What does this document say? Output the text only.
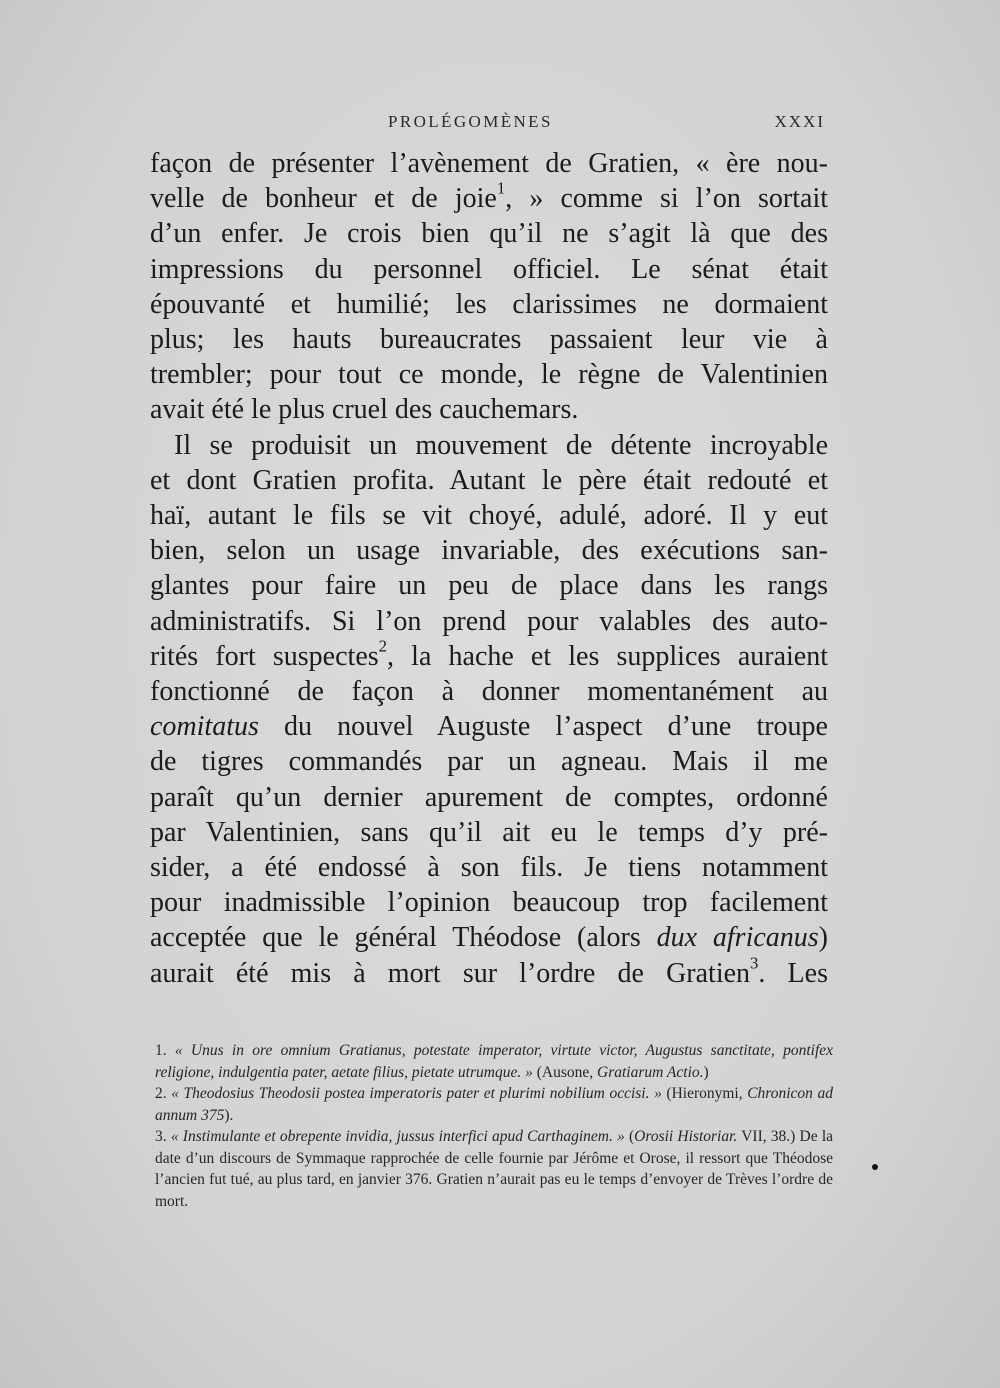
PROLÉGOMÈNES	XXXI

façon de présenter l’avènement de Gratien, « ère nou-

velle de bonheur et de joie$^1$, » comme si l’on sortait

d’un enfer. Je crois bien qu’il ne s’agit là que des

impressions du personnel officiel. Le sénat était

épouvanté et humilié; les clarissimes ne dormaient

plus; les hauts bureaucrates passaient leur vie à

trembler; pour tout ce monde, le règne de Valentinien

avait été le plus cruel des cauchemars.

Il se produisit un mouvement de détente incroyable

et dont Gratien profita. Autant le père était redouté et

haï, autant le fils se vit choyé, adulé, adoré. Il y eut

bien, selon un usage invariable, des exécutions san-

glantes pour faire un peu de place dans les rangs

administratifs. Si l’on prend pour valables des auto-

rités fort suspectes$^2$, la hache et les supplices auraient

fonctionné de façon à donner momentanément au

comitatus du nouvel Auguste l’aspect d’une troupe

de tigres commandés par un agneau. Mais il me

paraît qu’un dernier apurement de comptes, ordonné

par Valentinien, sans qu’il ait eu le temps d’y pré-

sider, a été endossé à son fils. Je tiens notamment

pour inadmissible l’opinion beaucoup trop facilement

acceptée que le général Théodose (alors dux africanus)

aurait été mis à mort sur l’ordre de Gratien$^3$. Les

1. « Unus in ore omnium Gratianus, potestate imperator, virtute victor, Augustus sanctitate, pontifex religione, indulgentia pater, aetate filius, pietate utrumque. » (Ausone, Gratiarum Actio.)

2. « Theodosius Theodosii postea imperatoris pater et plurimi nobilium occisi. » (Hieronymi, Chronicon ad annum 375).

3. « Instimulante et obrepente invidia, jussus interfici apud Carthaginem. » (Orosii Historiar. VII, 38.) De la date d’un discours de Symmaque rapprochée de celle fournie par Jérôme et Orose, il ressort que Théodose l’ancien fut tué, au plus tard, en janvier 376. Gratien n’aurait pas eu le temps d’envoyer de Trèves l’ordre de mort.
